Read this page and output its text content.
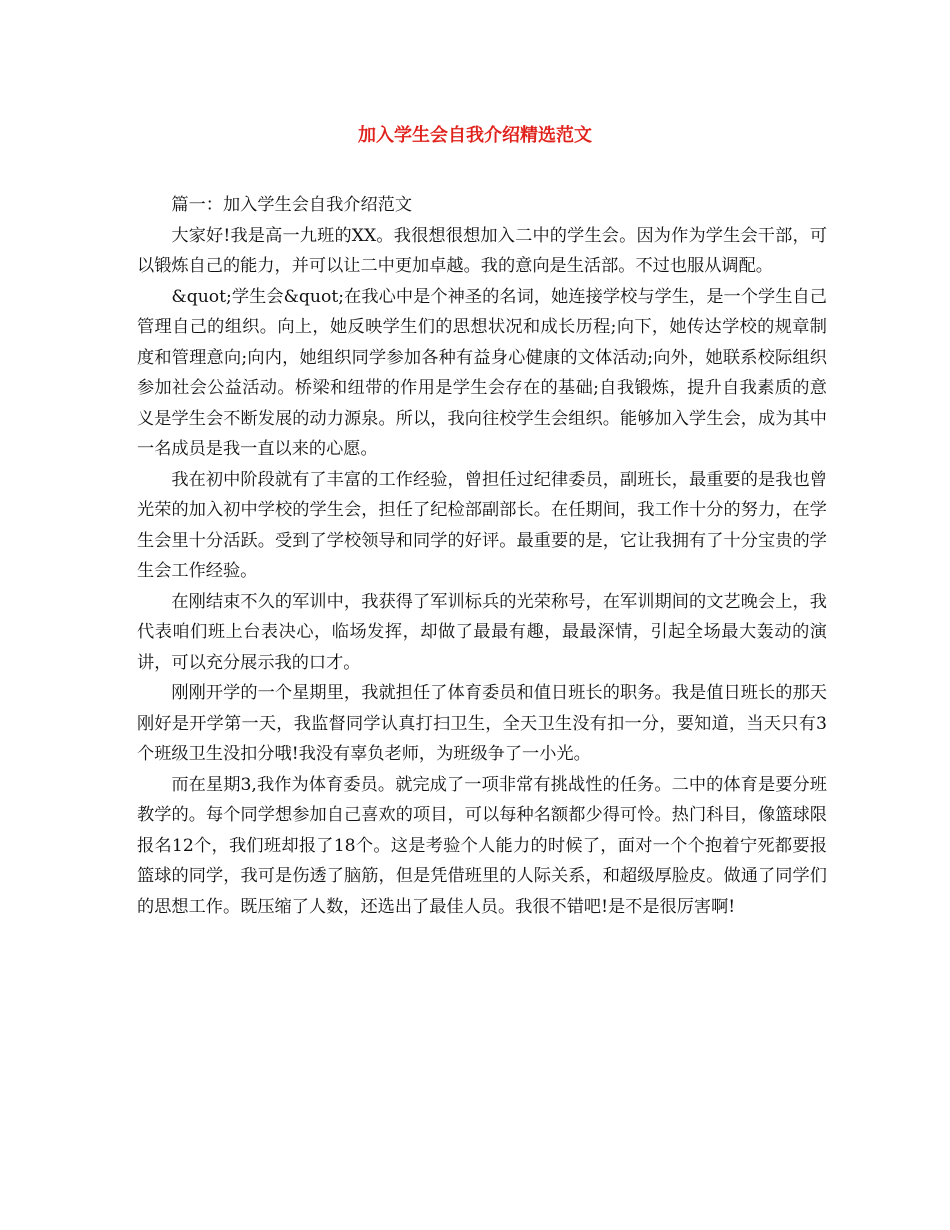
加入学生会自我介绍精选范文

篇一：加入学生会自我介绍范文

大家好!我是高一九班的XX。我很想很想加入二中的学生会。因为作为学生会干部，可以锻炼自己的能力，并可以让二中更加卓越。我的意向是生活部。不过也服从调配。

&quot;学生会&quot;在我心中是个神圣的名词，她连接学校与学生，是一个学生自己管理自己的组织。向上，她反映学生们的思想状况和成长历程;向下，她传达学校的规章制度和管理意向;向内，她组织同学参加各种有益身心健康的文体活动;向外，她联系校际组织参加社会公益活动。桥梁和纽带的作用是学生会存在的基础;自我锻炼，提升自我素质的意义是学生会不断发展的动力源泉。所以，我向往校学生会组织。能够加入学生会，成为其中一名成员是我一直以来的心愿。

我在初中阶段就有了丰富的工作经验，曾担任过纪律委员，副班长，最重要的是我也曾光荣的加入初中学校的学生会，担任了纪检部副部长。在任期间，我工作十分的努力，在学生会里十分活跃。受到了学校领导和同学的好评。最重要的是，它让我拥有了十分宝贵的学生会工作经验。

在刚结束不久的军训中，我获得了军训标兵的光荣称号，在军训期间的文艺晚会上，我代表咱们班上台表决心，临场发挥，却做了最最有趣，最最深情，引起全场最大轰动的演讲，可以充分展示我的口才。

刚刚开学的一个星期里，我就担任了体育委员和值日班长的职务。我是值日班长的那天刚好是开学第一天，我监督同学认真打扫卫生，全天卫生没有扣一分，要知道，当天只有3个班级卫生没扣分哦!我没有辜负老师，为班级争了一小光。

而在星期3,我作为体育委员。就完成了一项非常有挑战性的任务。二中的体育是要分班教学的。每个同学想参加自己喜欢的项目，可以每种名额都少得可怜。热门科目，像篮球限报名12个，我们班却报了18个。这是考验个人能力的时候了，面对一个个抱着宁死都要报篮球的同学，我可是伤透了脑筋，但是凭借班里的人际关系，和超级厚脸皮。做通了同学们的思想工作。既压缩了人数，还选出了最佳人员。我很不错吧!是不是很厉害啊!
